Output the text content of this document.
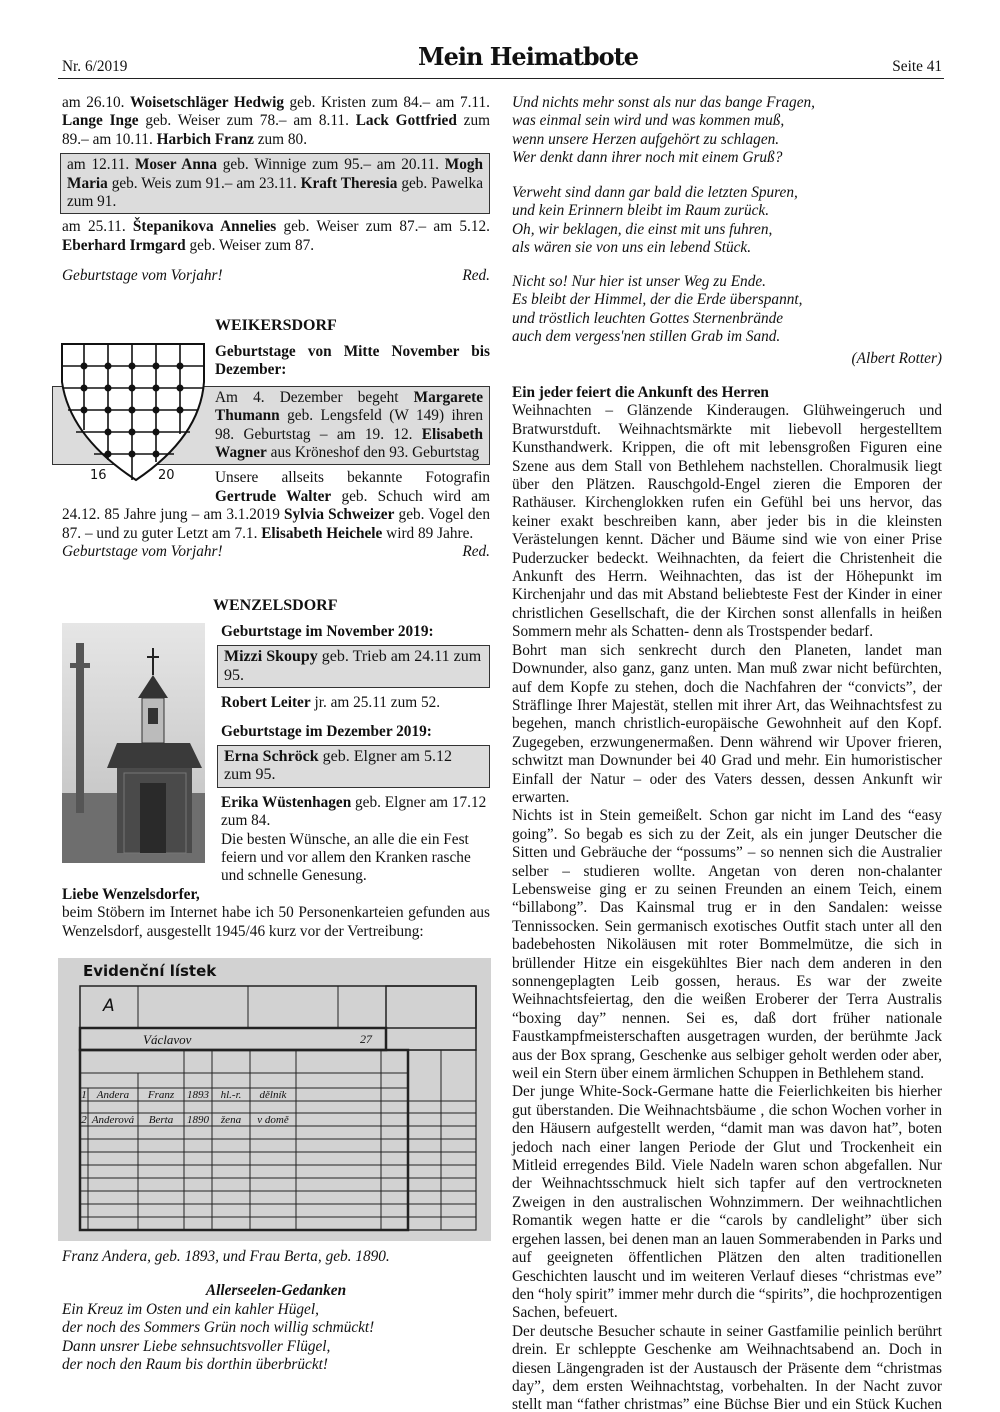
Nr. 6/2019	Mein Heimatbote	Seite 41

am 26.10. Woisetschläger Hedwig geb. Kristen zum 84.– am 7.11. Lange Inge geb. Weiser zum 78.– am 8.11. Lack Gottfried zum 89.– am 10.11. Harbich Franz zum 80.

am 12.11. Moser Anna geb. Winnige zum 95.– am 20.11. Mogh Maria geb. Weis zum 91.– am 23.11. Kraft Theresia geb. Pawelka zum 91.

am 25.11. Štepanikova Annelies geb. Weiser zum 87.– am 5.12. Eberhard Irmgard geb. Weiser zum 87.

Geburtstage vom Vorjahr!	Red.
WEIKERSDORF
16	20
Geburtstage von Mitte November bis Dezember:
Am 4. Dezember begeht Margarete Thumann geb. Lengsfeld (W 149) ihren 98. Geburtstag – am 19. 12. Elisabeth Wagner aus Kröneshof den 93. Geburtstag

Unsere allseits bekannte Fotografin Gertrude Walter geb. Schuch wird am 24.12. 85 Jahre jung – am 3.1.2019 Sylvia Schweizer geb. Vogel den 87. – und zu guter Letzt am 7.1. Elisabeth Heichele wird 89 Jahre.

Geburtstage vom Vorjahr!	Red.
WENZELSDORF
Geburtstage im November 2019:
Mizzi Skoupy geb. Trieb am 24.11 zum 95.

Robert Leiter jr. am 25.11 zum 52.

Geburtstage im Dezember 2019:
Erna Schröck geb. Elgner am 5.12 zum 95.

Erika Wüstenhagen geb. Elgner am 17.12 zum 84.

Die besten Wünsche, an alle die ein Fest feiern und vor allem den Kranken rasche und schnelle Genesung.

Liebe Wenzelsdorfer,

beim Stöbern im Internet habe ich 50 Personenkarteien gefunden aus Wenzelsdorf, ausgestellt 1945/46 kurz vor der Vertreibung:

Evidenční lístek
A
Václavov	27
1 Andera	Franz	1893	hl.-r.	dělník
2 Anderová	Berta	1890	žena	v domě
Franz Andera, geb. 1893, und Frau Berta, geb. 1890.
Allerseelen-Gedanken
Ein Kreuz im Osten und ein kahler Hügel,
der noch des Sommers Grün noch willig schmückt!
Dann unsrer Liebe sehnsuchtsvoller Flügel,
der noch den Raum bis dorthin überbrückt!
Und nichts mehr sonst als nur das bange Fragen,
was einmal sein wird und was kommen muß,
wenn unsere Herzen aufgehört zu schlagen.
Wer denkt dann ihrer noch mit einem Gruß?
Verweht sind dann gar bald die letzten Spuren,
und kein Erinnern bleibt im Raum zurück.
Oh, wir beklagen, die einst mit uns fuhren,
als wären sie von uns ein lebend Stück.
Nicht so! Nur hier ist unser Weg zu Ende.
Es bleibt der Himmel, der die Erde überspannt,
und tröstlich leuchten Gottes Sternenbrände
auch dem vergess'nen stillen Grab im Sand.
(Albert Rotter)
Ein jeder feiert die Ankunft des Herren

Weihnachten – Glänzende Kinderaugen. Glühweingeruch und Bratwurstduft. Weihnachtsmärkte mit liebevoll hergestelltem Kunsthandwerk. Krippen, die oft mit lebensgroßen Figuren eine Szene aus dem Stall von Bethlehem nachstellen. Choralmusik liegt über den Plätzen. Rauschgold-Engel zieren die Emporen der Rathäuser. Kirchenglokken rufen ein Gefühl bei uns hervor, das keiner exakt beschreiben kann, aber jeder bis in die kleinsten Verästelungen kennt. Dächer und Bäume sind wie von einer Prise Puderzucker bedeckt. Weihnachten, da feiert die Christenheit die Ankunft des Herrn. Weihnachten, das ist der Höhepunkt im Kirchenjahr und das mit Abstand beliebteste Fest der Kinder in einer christlichen Gesellschaft, die der Kirchen sonst allenfalls in heißen Sommern mehr als Schatten- denn als Trostspender bedarf.

Bohrt man sich senkrecht durch den Planeten, landet man Downunder, also ganz, ganz unten. Man muß zwar nicht befürchten, auf dem Kopfe zu stehen, doch die Nachfahren der “convicts”, der Sträflinge Ihrer Majestät, stellen mit ihrer Art, das Weihnachtsfest zu begehen, manch christlich-europäische Gewohnheit auf den Kopf. Zugegeben, erzwungenermaßen. Denn während wir Upover frieren, schwitzt man Downunder bei 40 Grad und mehr. Ein humoristischer Einfall der Natur – oder des Vaters dessen, dessen Ankunft wir erwarten.

Nichts ist in Stein gemeißelt. Schon gar nicht im Land des “easy going”. So begab es sich zu der Zeit, als ein junger Deutscher die Sitten und Gebräuche der “possums” – so nennen sich die Australier selber – studieren wollte. Angetan von deren non-chalanter Lebensweise ging er zu seinen Freunden an einem Teich, einem “billabong”. Das Kainsmal trug er in den Sandalen: weisse Tennissocken. Sein germanisch exotisches Outfit stach unter all den badebehosten Nikoläusen mit roter Bommelmütze, die sich in brüllender Hitze ein eisgekühltes Bier nach dem anderen in den sonnengeplagten Leib gossen, heraus. Es war der zweite Weihnachtsfeiertag, den die weißen Eroberer der Terra Australis “boxing day” nennen. Sei es, daß dort früher nationale Faustkampfmeisterschaften ausgetragen wurden, der berühmte Jack aus der Box sprang, Geschenke aus selbiger geholt werden oder aber, weil ein Stern über einem ärmlichen Schuppen in Bethlehem stand.

Der junge White-Sock-Germane hatte die Feierlichkeiten bis hierher gut überstanden. Die Weihnachtsbäume , die schon Wochen vorher in den Häusern aufgestellt werden, “damit man was davon hat”, boten jedoch nach einer langen Periode der Glut und Trockenheit ein Mitleid erregendes Bild. Viele Nadeln waren schon abgefallen. Nur der Weihnachtsschmuck hielt sich tapfer auf den vertrockneten Zweigen in den australischen Wohnzimmern. Der weihnachtlichen Romantik wegen hatte er die “carols by candlelight” über sich ergehen lassen, bei denen man an lauen Sommerabenden in Parks und auf geeigneten öffentlichen Plätzen den alten traditionellen Geschichten lauscht und im weiteren Verlauf dieses “christmas eve” den “holy spirit” immer mehr durch die “spirits”, die hochprozentigen Sachen, befeuert.

Der deutsche Besucher schaute in seiner Gastfamilie peinlich berührt drein. Er schleppte Geschenke am Weihnachtsabend an. Doch in diesen Längengraden ist der Austausch der Präsente dem “christmas day”, dem ersten Weihnachtstag, vorbehalten. In der Nacht zuvor stellt man “father christmas” eine Büchse Bier und ein Stück Kuchen
